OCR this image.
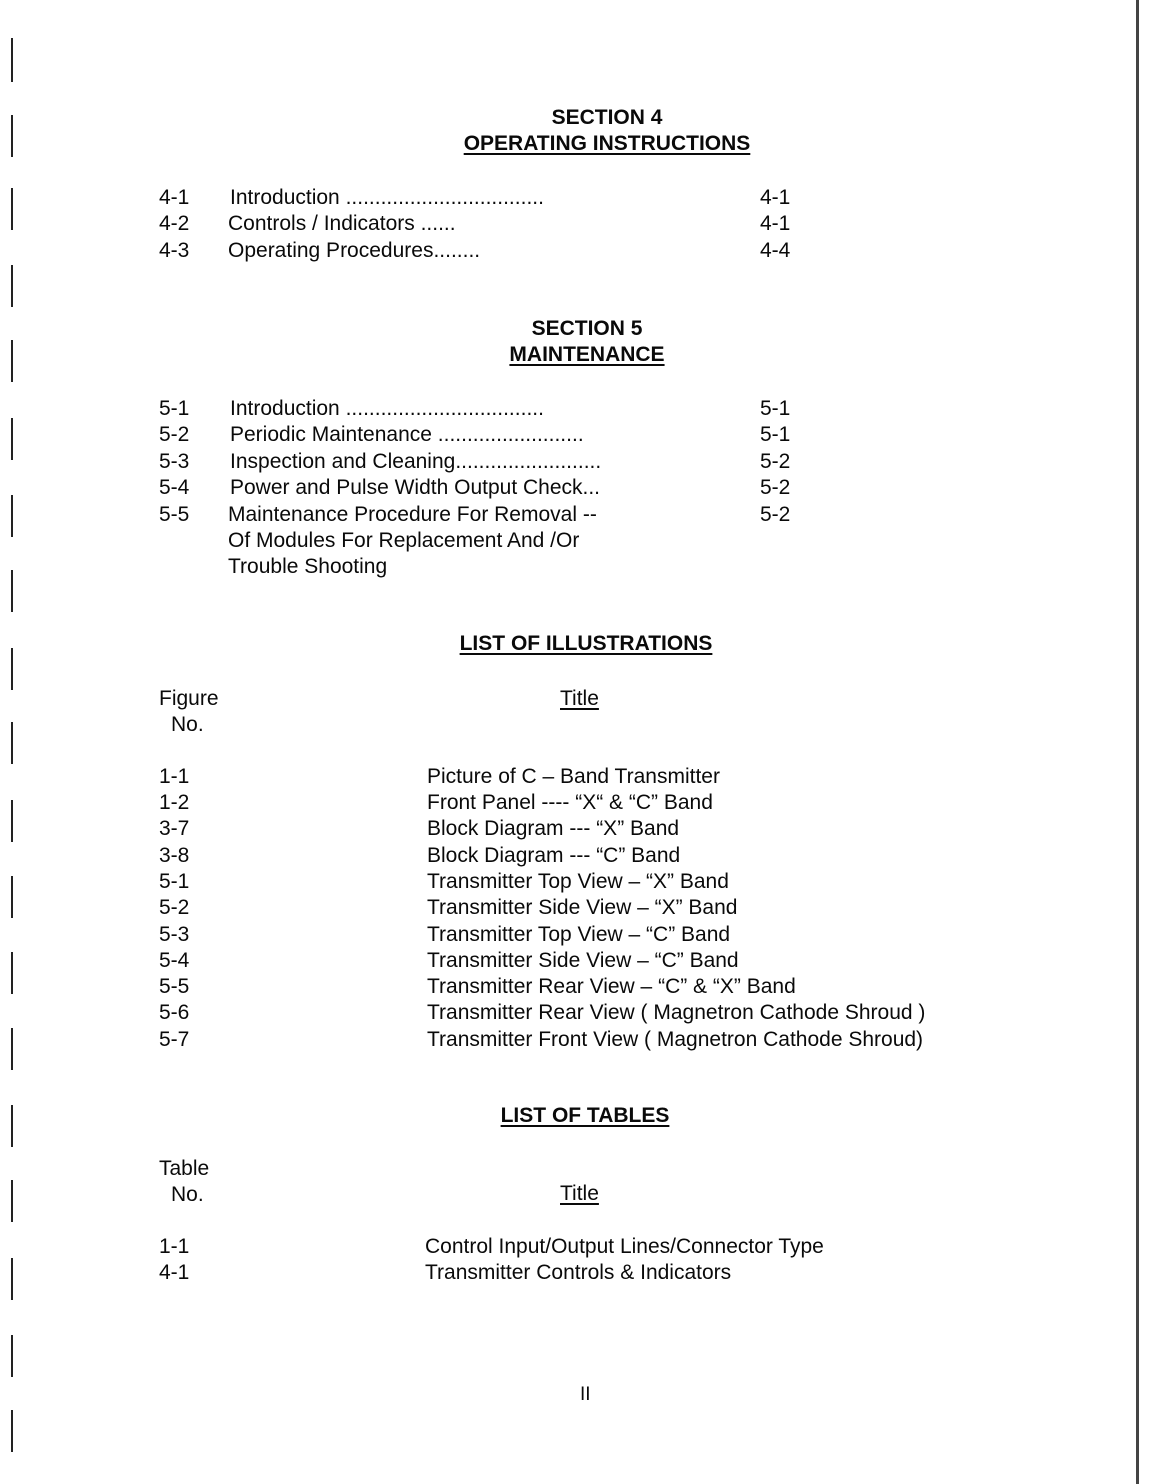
SECTION 4
OPERATING INSTRUCTIONS
4-1 Introduction ..................................	4-1
4-2 Controls / Indicators ......	4-1
4-3 Operating Procedures........	4-4
SECTION 5
MAINTENANCE
5-1 Introduction ..................................	5-1
5-2 Periodic Maintenance .........................	5-1
5-3 Inspection and Cleaning.........................	5-2
5-4 Power and Pulse Width Output Check...	5-2
5-5 Maintenance Procedure For Removal --	5-2
Of Modules For Replacement And /Or
Trouble Shooting
LIST OF ILLUSTRATIONS
Figure
No.
Title
1-1	Picture of C – Band Transmitter
1-2	Front Panel ---- “X“ & “C” Band
3-7	Block Diagram --- “X” Band
3-8	Block Diagram --- “C” Band
5-1	Transmitter Top View – “X” Band
5-2	Transmitter Side View – “X” Band
5-3	Transmitter Top View – “C” Band
5-4	Transmitter Side View – “C” Band
5-5	Transmitter Rear View – “C” & “X” Band
5-6	Transmitter Rear View ( Magnetron Cathode Shroud )
5-7	Transmitter Front View ( Magnetron Cathode Shroud)
LIST OF TABLES
Table
No.	Title
1-1	Control Input/Output Lines/Connector Type
4-1	Transmitter Controls & Indicators
II
